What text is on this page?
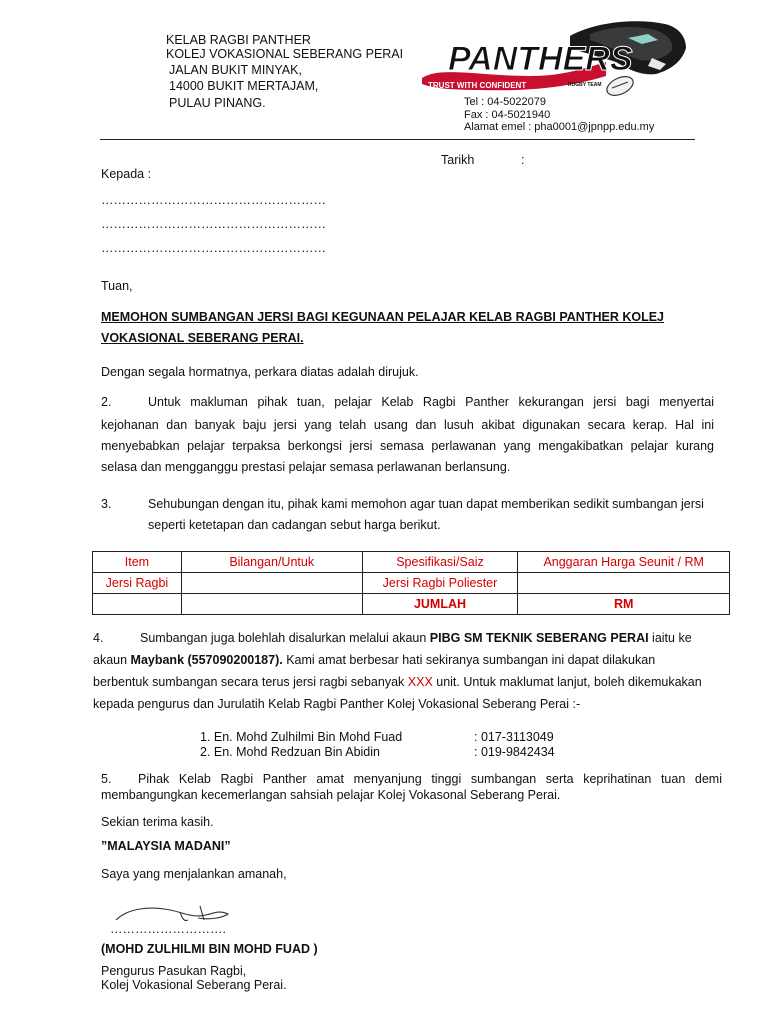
KELAB RAGBI PANTHER
KOLEJ VOKASIONAL SEBERANG PERAI
JALAN BUKIT MINYAK,
14000 BUKIT MERTAJAM,
PULAU PINANG.
PANTHERS
TRUST WITH CONFIDENT	RUGBY TEAM
Tel : 04-5022079
Fax : 04-5021940
Alamat emel : pha0001@jpnpp.edu.my
Tarikh	:
Kepada :
………………………………………………
………………………………………………
………………………………………………
Tuan,
MEMOHON SUMBANGAN JERSI BAGI KEGUNAAN PELAJAR KELAB RAGBI PANTHER KOLEJ
VOKASIONAL SEBERANG PERAI.
Dengan segala hormatnya, perkara diatas adalah dirujuk.
2.	Untuk makluman pihak tuan, pelajar Kelab Ragbi Panther kekurangan jersi bagi menyertai
kejohanan dan banyak baju jersi yang telah usang dan lusuh akibat digunakan secara kerap. Hal ini
menyebabkan pelajar terpaksa berkongsi jersi semasa perlawanan yang mengakibatkan pelajar kurang
selasa dan mengganggu prestasi pelajar semasa perlawanan berlansung.
3.	Sehubungan dengan itu, pihak kami memohon agar tuan dapat memberikan sedikit sumbangan jersi
seperti ketetapan dan cadangan sebut harga berikut.
Item	Bilangan/Untuk	Spesifikasi/Saiz	Anggaran Harga Seunit / RM
Jersi Ragbi		Jersi Ragbi Poliester	
		JUMLAH	RM
4.	Sumbangan juga bolehlah disalurkan melalui akaun PIBG SM TEKNIK SEBERANG PERAI iaitu ke
akaun Maybank (557090200187). Kami amat berbesar hati sekiranya sumbangan ini dapat dilakukan
berbentuk sumbangan secara terus jersi ragbi sebanyak XXX unit. Untuk maklumat lanjut, boleh dikemukakan
kepada pengurus dan Jurulatih Kelab Ragbi Panther Kolej Vokasional Seberang Perai :-
1. En. Mohd Zulhilmi Bin Mohd Fuad	: 017-3113049
2. En. Mohd Redzuan Bin Abidin	: 019-9842434
5. Pihak Kelab Ragbi Panther amat menyanjung tinggi sumbangan serta keprihatinan tuan demi
membangungkan kecemerlangan sahsiah pelajar Kolej Vokasonal Seberang Perai.
Sekian terima kasih.
”MALAYSIA MADANI”
Saya yang menjalankan amanah,
……………………….
(MOHD ZULHILMI BIN MOHD FUAD )
Pengurus Pasukan Ragbi,
Kolej Vokasional Seberang Perai.
